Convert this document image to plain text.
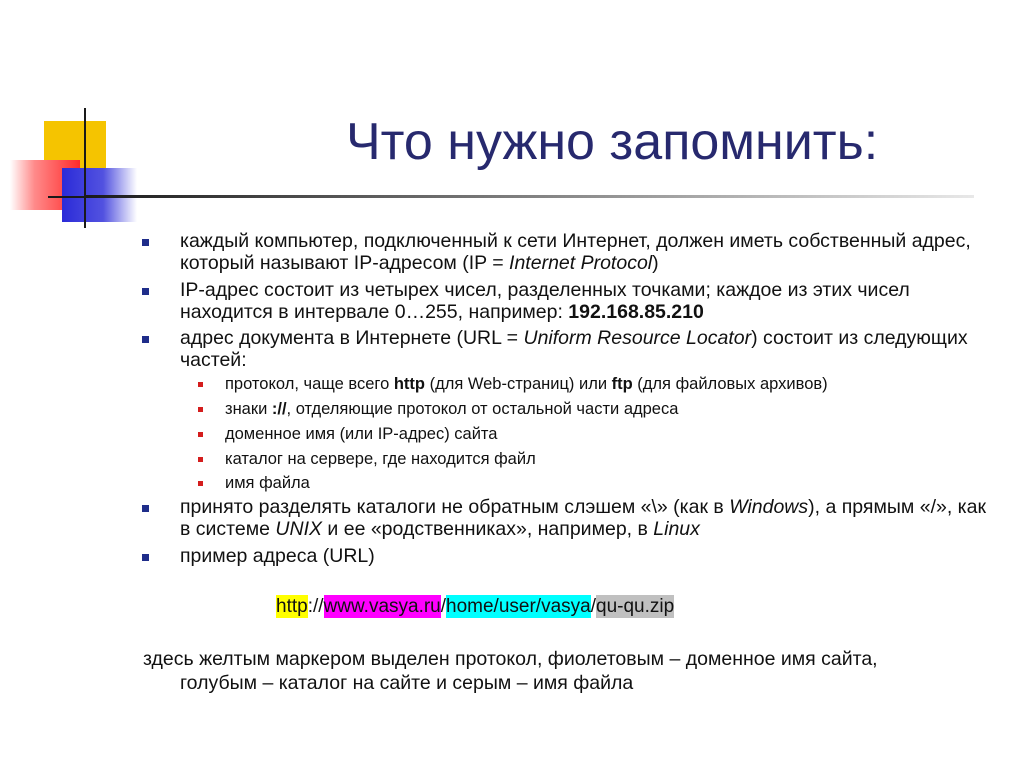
Что нужно запомнить:
каждый компьютер, подключенный к сети Интернет, должен иметь собственный адрес, который называют IP-адресом (IP = Internet Protocol)
IP-адрес состоит из четырех чисел, разделенных точками; каждое из этих чисел находится в интервале 0…255, например: 192.168.85.210
адрес документа в Интернете (URL = Uniform Resource Locator) состоит из следующих частей:
протокол, чаще всего http (для Web-страниц) или ftp (для файловых архивов)
знаки ://, отделяющие протокол от остальной части адреса
доменное имя (или IP-адрес) сайта
каталог на сервере, где находится файл
имя файла
принято разделять каталоги не обратным слэшем «\» (как в Windows), а прямым «/», как в системе UNIX и ее «родственниках», например, в Linux
пример адреса (URL)
http://www.vasya.ru/home/user/vasya/qu-qu.zip
здесь желтым маркером выделен протокол, фиолетовым – доменное имя сайта,
голубым – каталог на сайте и серым – имя файла
